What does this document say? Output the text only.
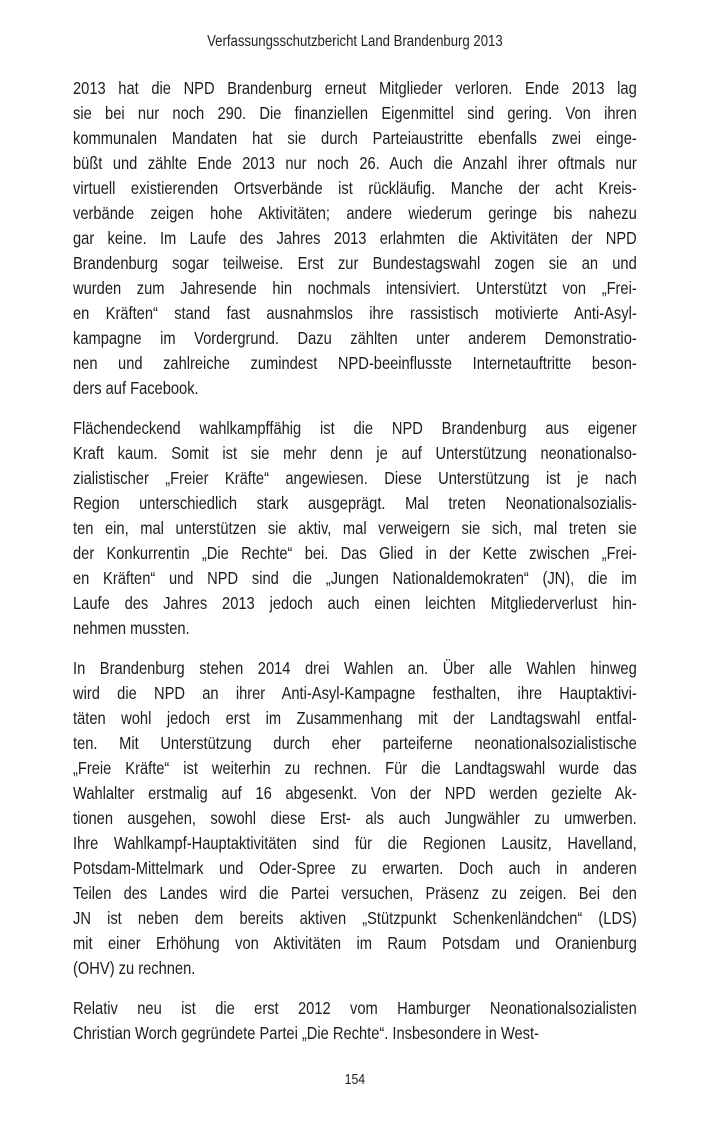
Verfassungsschutzbericht Land Brandenburg 2013
2013 hat die NPD Brandenburg erneut Mitglieder verloren. Ende 2013 lag
sie bei nur noch 290. Die finanziellen Eigenmittel sind gering. Von ihren
kommunalen Mandaten hat sie durch Parteiaustritte ebenfalls zwei einge-
büßt und zählte Ende 2013 nur noch 26. Auch die Anzahl ihrer oftmals nur
virtuell existierenden Ortsverbände ist rückläufig. Manche der acht Kreis-
verbände zeigen hohe Aktivitäten; andere wiederum geringe bis nahezu
gar keine. Im Laufe des Jahres 2013 erlahmten die Aktivitäten der NPD
Brandenburg sogar teilweise. Erst zur Bundestagswahl zogen sie an und
wurden zum Jahresende hin nochmals intensiviert. Unterstützt von „Frei-
en Kräften“ stand fast ausnahmslos ihre rassistisch motivierte Anti-Asyl-
kampagne im Vordergrund. Dazu zählten unter anderem Demonstratio-
nen und zahlreiche zumindest NPD-beeinflusste Internetauftritte beson-
ders auf Facebook.
Flächendeckend wahlkampffähig ist die NPD Brandenburg aus eigener
Kraft kaum. Somit ist sie mehr denn je auf Unterstützung neonationalso-
zialistischer „Freier Kräfte“ angewiesen. Diese Unterstützung ist je nach
Region unterschiedlich stark ausgeprägt. Mal treten Neonationalsozialis-
ten ein, mal unterstützen sie aktiv, mal verweigern sie sich, mal treten sie
der Konkurrentin „Die Rechte“ bei. Das Glied in der Kette zwischen „Frei-
en Kräften“ und NPD sind die „Jungen Nationaldemokraten“ (JN), die im
Laufe des Jahres 2013 jedoch auch einen leichten Mitgliederverlust hin-
nehmen mussten.
In Brandenburg stehen 2014 drei Wahlen an. Über alle Wahlen hinweg
wird die NPD an ihrer Anti-Asyl-Kampagne festhalten, ihre Hauptaktivi-
täten wohl jedoch erst im Zusammenhang mit der Landtagswahl entfal-
ten. Mit Unterstützung durch eher parteiferne neonationalsozialistische
„Freie Kräfte“ ist weiterhin zu rechnen. Für die Landtagswahl wurde das
Wahlalter erstmalig auf 16 abgesenkt. Von der NPD werden gezielte Ak-
tionen ausgehen, sowohl diese Erst- als auch Jungwähler zu umwerben.
Ihre Wahlkampf-Hauptaktivitäten sind für die Regionen Lausitz, Havelland,
Potsdam-Mittelmark und Oder-Spree zu erwarten. Doch auch in anderen
Teilen des Landes wird die Partei versuchen, Präsenz zu zeigen. Bei den
JN ist neben dem bereits aktiven „Stützpunkt Schenkenländchen“ (LDS)
mit einer Erhöhung von Aktivitäten im Raum Potsdam und Oranienburg
(OHV) zu rechnen.
Relativ neu ist die erst 2012 vom Hamburger Neonationalsozialisten
Christian Worch gegründete Partei „Die Rechte“. Insbesondere in West-
154
